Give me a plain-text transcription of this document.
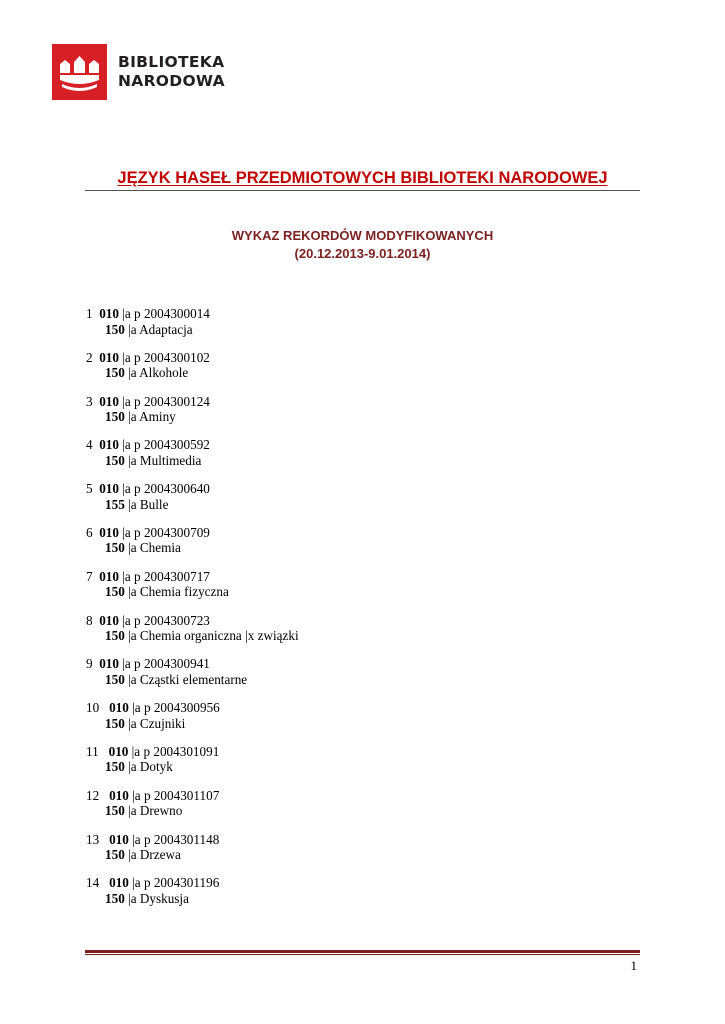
BIBLIOTEKA
NARODOWA
JĘZYK HASEŁ PRZEDMIOTOWYCH BIBLIOTEKI NARODOWEJ
WYKAZ REKORDÓW MODYFIKOWANYCH
(20.12.2013-9.01.2014)
1 010 |a p 2004300014
150 |a Adaptacja
2 010 |a p 2004300102
150 |a Alkohole
3 010 |a p 2004300124
150 |a Aminy
4 010 |a p 2004300592
150 |a Multimedia
5 010 |a p 2004300640
155 |a Bulle
6 010 |a p 2004300709
150 |a Chemia
7 010 |a p 2004300717
150 |a Chemia fizyczna
8 010 |a p 2004300723
150 |a Chemia organiczna |x związki
9 010 |a p 2004300941
150 |a Cząstki elementarne
10 010 |a p 2004300956
150 |a Czujniki
11 010 |a p 2004301091
150 |a Dotyk
12 010 |a p 2004301107
150 |a Drewno
13 010 |a p 2004301148
150 |a Drzewa
14 010 |a p 2004301196
150 |a Dyskusja
1
